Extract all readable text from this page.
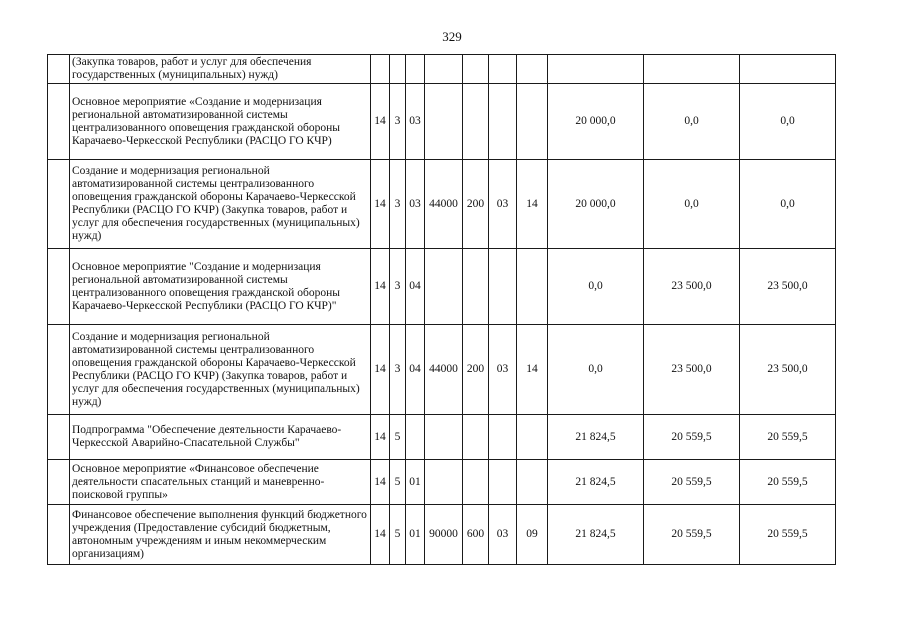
329
	(Закупка товаров, работ и услуг для обеспечения государственных (муниципальных) нужд)										
	Основное мероприятие «Создание и модернизация региональной автоматизированной системы централизованного оповещения гражданской обороны Карачаево-Черкесской Республики (РАСЦО ГО КЧР)	14	3	03					20 000,0	0,0	0,0
	Создание и модернизация региональной автоматизированной системы централизованного оповещения гражданской обороны Карачаево-Черкесской Республики (РАСЦО ГО КЧР) (Закупка товаров, работ и услуг для обеспечения государственных (муниципальных) нужд)	14	3	03	44000	200	03	14	20 000,0	0,0	0,0
	Основное мероприятие "Создание и модернизация региональной автоматизированной системы централизованного оповещения гражданской обороны Карачаево-Черкесской Республики (РАСЦО ГО КЧР)"	14	3	04					0,0	23 500,0	23 500,0
	Создание и модернизация региональной автоматизированной системы централизованного оповещения гражданской обороны Карачаево-Черкесской Республики (РАСЦО ГО КЧР) (Закупка товаров, работ и услуг для обеспечения государственных (муниципальных) нужд)	14	3	04	44000	200	03	14	0,0	23 500,0	23 500,0
	Подпрограмма "Обеспечение деятельности Карачаево-Черкесской Аварийно-Спасательной Службы"	14	5						21 824,5	20 559,5	20 559,5
	Основное мероприятие «Финансовое обеспечение деятельности спасательных станций и маневренно-поисковой группы»	14	5	01					21 824,5	20 559,5	20 559,5
	Финансовое обеспечение выполнения функций бюджетного учреждения (Предоставление субсидий бюджетным, автономным учреждениям и иным некоммерческим организациям)	14	5	01	90000	600	03	09	21 824,5	20 559,5	20 559,5
